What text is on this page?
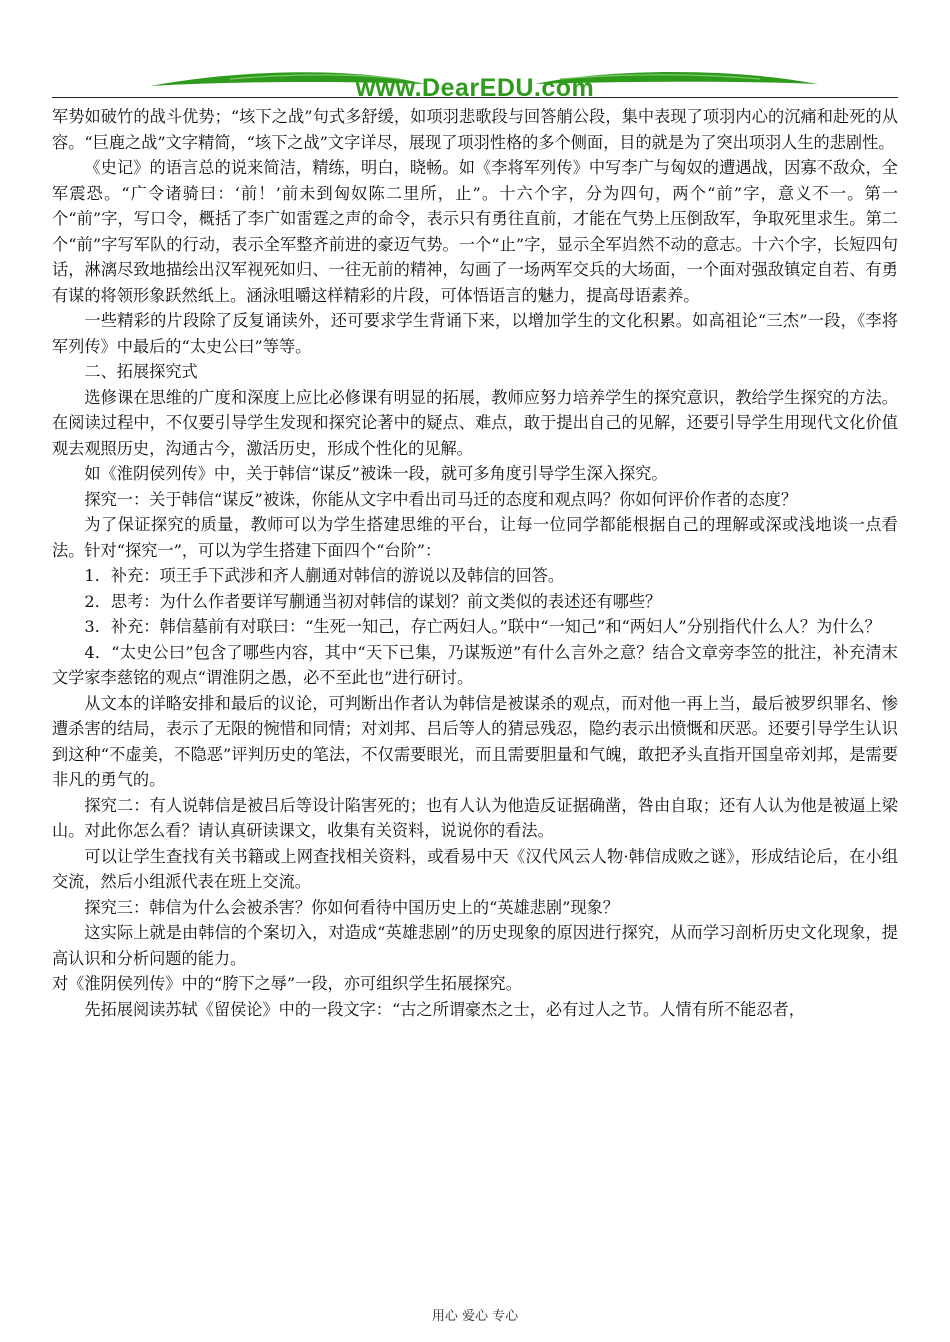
www.DearEDU.com

军势如破竹的战斗优势；“垓下之战”句式多舒缓，如项羽悲歌段与回答艄公段，集中表现了项羽内心的沉痛和赴死的从容。“巨鹿之战”文字精简，“垓下之战”文字详尽，展现了项羽性格的多个侧面，目的就是为了突出项羽人生的悲剧性。

《史记》的语言总的说来简洁，精练，明白，晓畅。如《李将军列传》中写李广与匈奴的遭遇战，因寡不敌众，全军震恐。“广令诸骑曰：‘前！’前未到匈奴陈二里所，止”。十六个字，分为四句，两个“前”字，意义不一。第一个“前”字，写口令，概括了李广如雷霆之声的命令，表示只有勇往直前，才能在气势上压倒敌军，争取死里求生。第二个“前”字写军队的行动，表示全军整齐前进的豪迈气势。一个“止”字，显示全军岿然不动的意志。十六个字，长短四句话，淋漓尽致地描绘出汉军视死如归、一往无前的精神，勾画了一场两军交兵的大场面，一个面对强敌镇定自若、有勇有谋的将领形象跃然纸上。涵泳咀嚼这样精彩的片段，可体悟语言的魅力，提高母语素养。

一些精彩的片段除了反复诵读外，还可要求学生背诵下来，以增加学生的文化积累。如高祖论“三杰”一段，《李将军列传》中最后的“太史公曰”等等。

二、拓展探究式

选修课在思维的广度和深度上应比必修课有明显的拓展，教师应努力培养学生的探究意识，教给学生探究的方法。在阅读过程中，不仅要引导学生发现和探究论著中的疑点、难点，敢于提出自己的见解，还要引导学生用现代文化价值观去观照历史，沟通古今，激活历史，形成个性化的见解。

如《淮阴侯列传》中，关于韩信“谋反”被诛一段，就可多角度引导学生深入探究。

探究一：关于韩信“谋反”被诛，你能从文字中看出司马迁的态度和观点吗？你如何评价作者的态度？

为了保证探究的质量，教师可以为学生搭建思维的平台，让每一位同学都能根据自己的理解或深或浅地谈一点看法。针对“探究一”，可以为学生搭建下面四个“台阶”：

1．补充：项王手下武涉和齐人蒯通对韩信的游说以及韩信的回答。

2．思考：为什么作者要详写蒯通当初对韩信的谋划？前文类似的表述还有哪些？

3．补充：韩信墓前有对联曰：“生死一知己，存亡两妇人。”联中“一知己”和“两妇人”分别指代什么人？为什么？

4．“太史公曰”包含了哪些内容，其中“天下已集，乃谋叛逆”有什么言外之意？结合文章旁李笠的批注，补充清末文学家李慈铭的观点“谓淮阴之愚，必不至此也”进行研讨。

从文本的详略安排和最后的议论，可判断出作者认为韩信是被谋杀的观点，而对他一再上当，最后被罗织罪名、惨遭杀害的结局，表示了无限的惋惜和同情；对刘邦、吕后等人的猜忌残忍，隐约表示出愤慨和厌恶。还要引导学生认识到这种“不虚美，不隐恶”评判历史的笔法，不仅需要眼光，而且需要胆量和气魄，敢把矛头直指开国皇帝刘邦，是需要非凡的勇气的。

探究二：有人说韩信是被吕后等设计陷害死的；也有人认为他造反证据确凿，咎由自取；还有人认为他是被逼上梁山。对此你怎么看？请认真研读课文，收集有关资料，说说你的看法。

可以让学生查找有关书籍或上网查找相关资料，或看易中天《汉代风云人物·韩信成败之谜》，形成结论后，在小组交流，然后小组派代表在班上交流。

探究三：韩信为什么会被杀害？你如何看待中国历史上的“英雄悲剧”现象？

这实际上就是由韩信的个案切入，对造成“英雄悲剧”的历史现象的原因进行探究，从而学习剖析历史文化现象，提高认识和分析问题的能力。

对《淮阴侯列传》中的“胯下之辱”一段，亦可组织学生拓展探究。

先拓展阅读苏轼《留侯论》中的一段文字：“古之所谓豪杰之士，必有过人之节。人情有所不能忍者，

用心 爱心 专心
